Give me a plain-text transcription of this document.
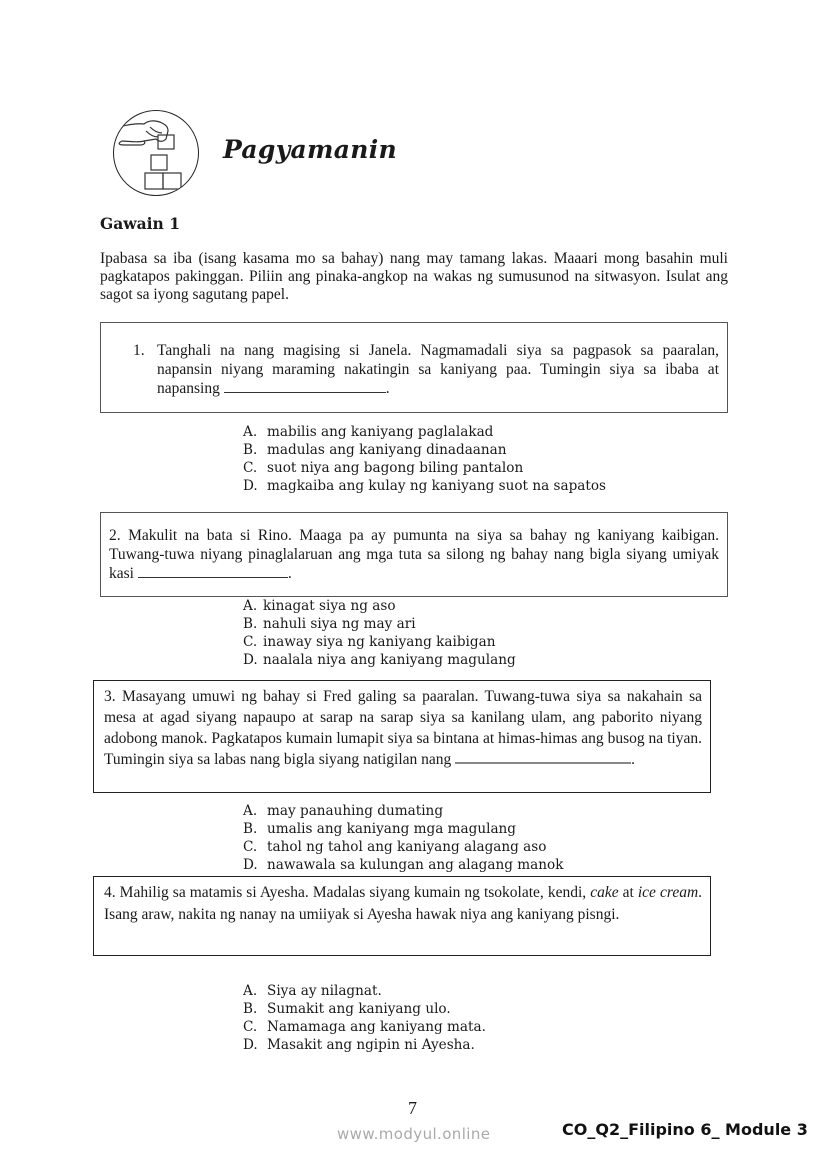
Pagyamanin
Gawain 1
Ipabasa sa iba (isang kasama mo sa bahay) nang may tamang lakas. Maaari mong basahin muli pagkatapos pakinggan. Piliin ang pinaka-angkop na wakas ng sumusunod na sitwasyon. Isulat ang sagot sa iyong sagutang papel.
1. Tanghali na nang magising si Janela. Nagmamadali siya sa pagpasok sa paaralan, napansin niyang maraming nakatingin sa kaniyang paa. Tumingin siya sa ibaba at napansing	.
A. mabilis ang kaniyang paglalakad
B. madulas ang kaniyang dinadaanan
C. suot niya ang bagong biling pantalon
D. magkaiba ang kulay ng kaniyang suot na sapatos
2. Makulit na bata si Rino. Maaga pa ay pumunta na siya sa bahay ng kaniyang kaibigan. Tuwang-tuwa niyang pinaglalaruan ang mga tuta sa silong ng bahay nang bigla siyang umiyak kasi	.
A. kinagat siya ng aso
B. nahuli siya ng may ari
C. inaway siya ng kaniyang kaibigan
D. naalala niya ang kaniyang magulang
3. Masayang umuwi ng bahay si Fred galing sa paaralan. Tuwang-tuwa siya sa nakahain sa mesa at agad siyang napaupo at sarap na sarap siya sa kanilang ulam, ang paborito niyang adobong manok. Pagkatapos kumain lumapit siya sa bintana at himas-himas ang busog na tiyan. Tumingin siya sa labas nang bigla siyang natigilan nang	.
A. may panauhing dumating
B. umalis ang kaniyang mga magulang
C. tahol ng tahol ang kaniyang alagang aso
D. nawawala sa kulungan ang alagang manok
4. Mahilig sa matamis si Ayesha. Madalas siyang kumain ng tsokolate, kendi, cake at ice cream. Isang araw, nakita ng nanay na umiiyak si Ayesha hawak niya ang kaniyang pisngi.
A. Siya ay nilagnat.
B. Sumakit ang kaniyang ulo.
C. Namamaga ang kaniyang mata.
D. Masakit ang ngipin ni Ayesha.
7
www.modyul.online	CO_Q2_Filipino 6_ Module 3
